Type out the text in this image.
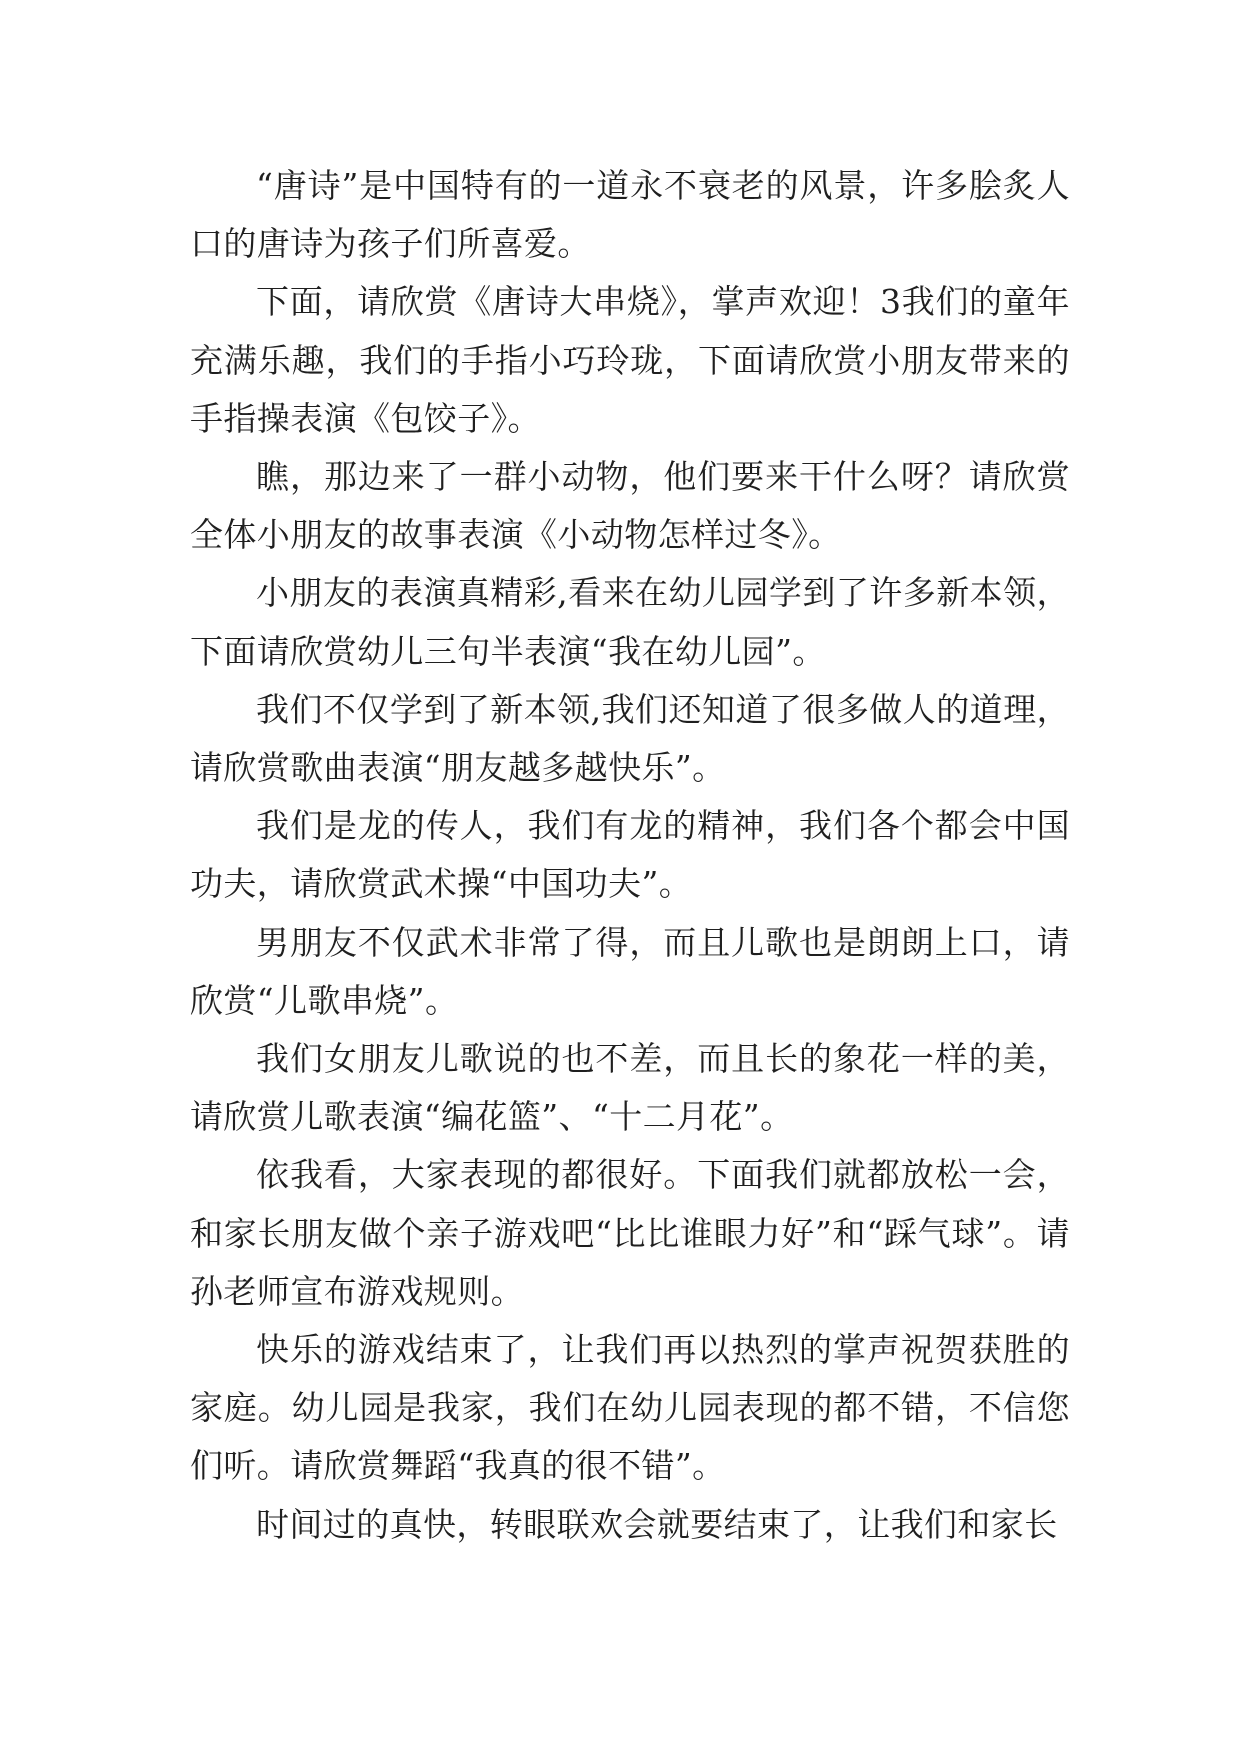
“唐诗”是中国特有的一道永不衰老的风景，许多脍炙人口的唐诗为孩子们所喜爱。

下面，请欣赏《唐诗大串烧》，掌声欢迎！3我们的童年充满乐趣，我们的手指小巧玲珑，下面请欣赏小朋友带来的手指操表演《包饺子》。

瞧，那边来了一群小动物，他们要来干什么呀？请欣赏全体小朋友的故事表演《小动物怎样过冬》。

小朋友的表演真精彩,看来在幼儿园学到了许多新本领，下面请欣赏幼儿三句半表演“我在幼儿园”。

我们不仅学到了新本领,我们还知道了很多做人的道理，请欣赏歌曲表演“朋友越多越快乐”。

我们是龙的传人，我们有龙的精神，我们各个都会中国功夫，请欣赏武术操“中国功夫”。

男朋友不仅武术非常了得，而且儿歌也是朗朗上口，请欣赏“儿歌串烧”。

我们女朋友儿歌说的也不差，而且长的象花一样的美，请欣赏儿歌表演“编花篮”、“十二月花”。

依我看，大家表现的都很好。下面我们就都放松一会，和家长朋友做个亲子游戏吧“比比谁眼力好”和“踩气球”。请孙老师宣布游戏规则。

快乐的游戏结束了，让我们再以热烈的掌声祝贺获胜的家庭。幼儿园是我家，我们在幼儿园表现的都不错，不信您们听。请欣赏舞蹈“我真的很不错”。

时间过的真快，转眼联欢会就要结束了，让我们和家长
